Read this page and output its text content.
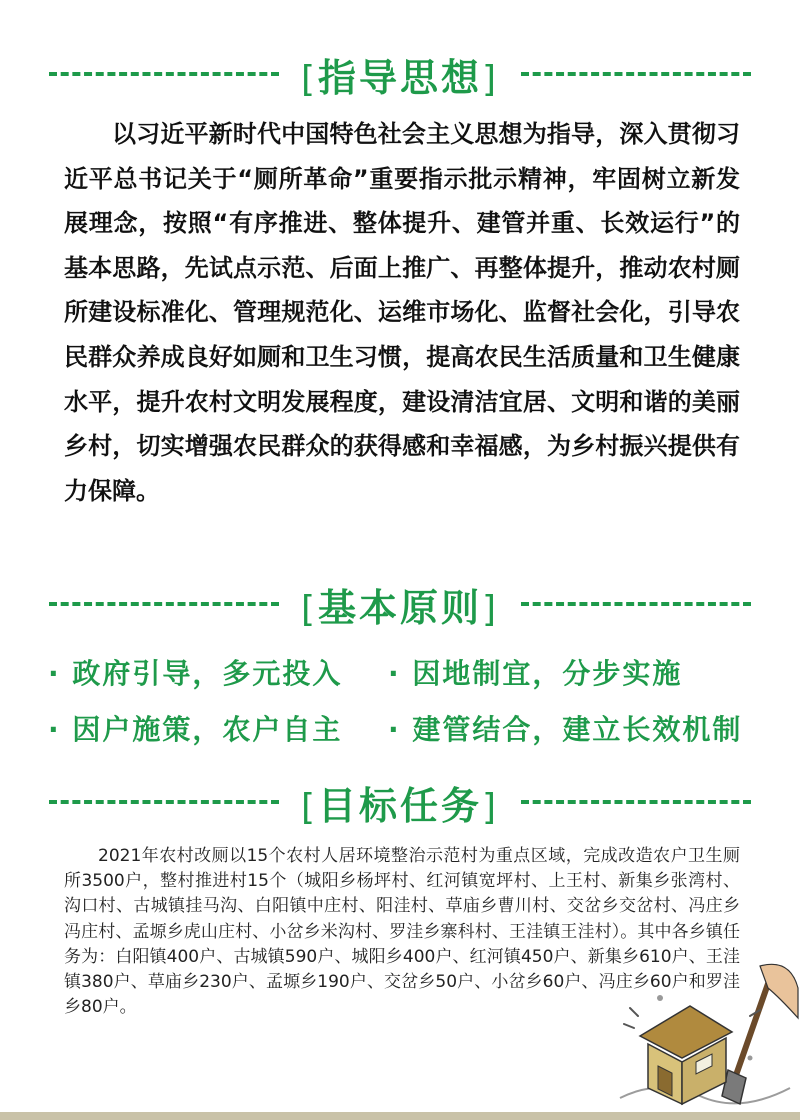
[指导思想]

以习近平新时代中国特色社会主义思想为指导，深入贯彻习近平总书记关于“厕所革命”重要指示批示精神，牢固树立新发展理念，按照“有序推进、整体提升、建管并重、长效运行”的基本思路，先试点示范、后面上推广、再整体提升，推动农村厕所建设标准化、管理规范化、运维市场化、监督社会化，引导农民群众养成良好如厕和卫生习惯，提高农民生活质量和卫生健康水平，提升农村文明发展程度，建设清洁宜居、文明和谐的美丽乡村，切实增强农民群众的获得感和幸福感，为乡村振兴提供有力保障。

[基本原则]
· 政府引导，多元投入	· 因地制宜，分步实施
· 因户施策，农户自主	· 建管结合，建立长效机制
[目标任务]

2021年农村改厕以15个农村人居环境整治示范村为重点区域，完成改造农户卫生厕所3500户，整村推进村15个（城阳乡杨坪村、红河镇宽坪村、上王村、新集乡张湾村、沟口村、古城镇挂马沟、白阳镇中庄村、阳洼村、草庙乡曹川村、交岔乡交岔村、冯庄乡冯庄村、孟塬乡虎山庄村、小岔乡米沟村、罗洼乡寨科村、王洼镇王洼村）。其中各乡镇任务为：白阳镇400户、古城镇590户、城阳乡400户、红河镇450户、新集乡610户、王洼镇380户、草庙乡230户、孟塬乡190户、交岔乡50户、小岔乡60户、冯庄乡60户和罗洼乡80户。
